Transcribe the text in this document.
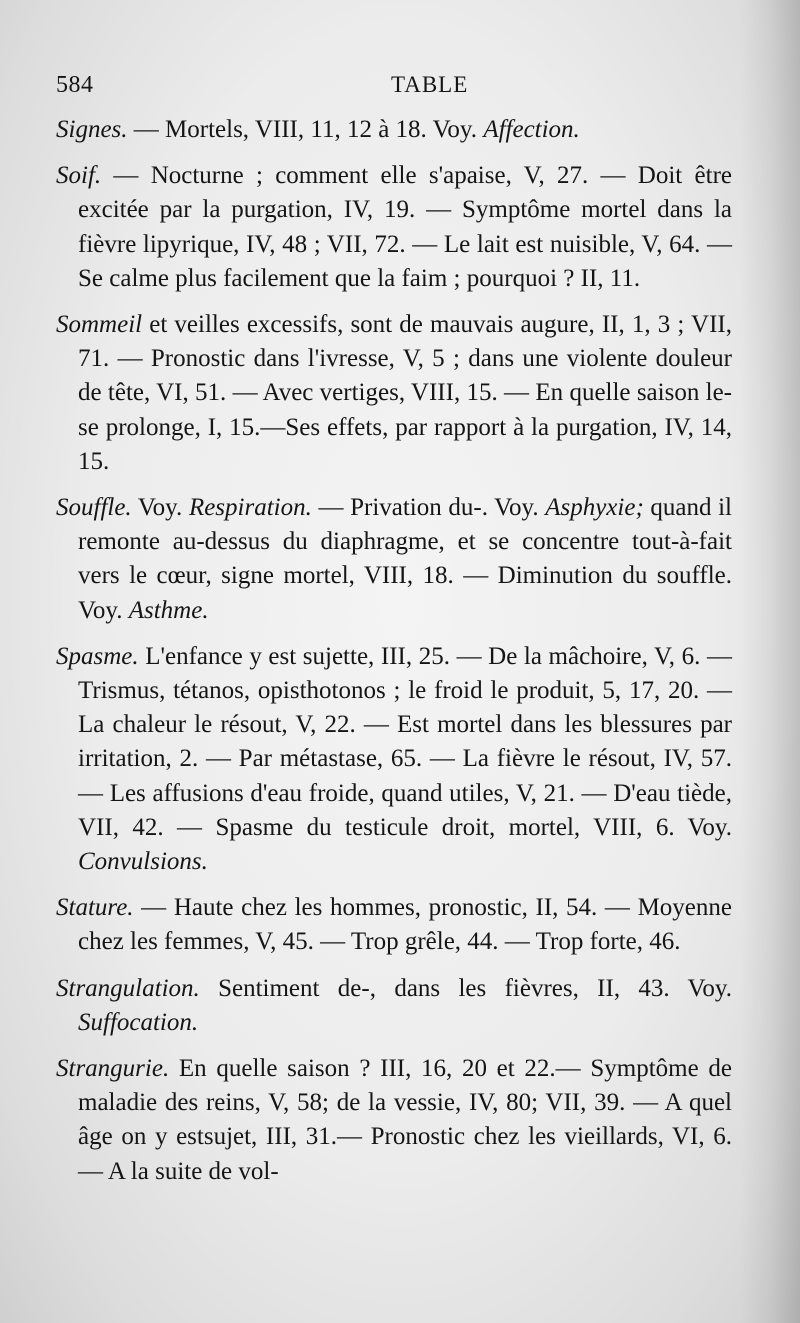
584	TABLE

Signes. — Mortels, VIII, 11, 12 à 18. Voy. Affection.

Soif. — Nocturne ; comment elle s'apaise, V, 27. — Doit être excitée par la purgation, IV, 19. — Symptôme mortel dans la fièvre lipyrique, IV, 48 ; VII, 72. — Le lait est nuisible, V, 64. — Se calme plus facilement que la faim ; pourquoi ? II, 11.

Sommeil et veilles excessifs, sont de mauvais augure, II, 1, 3 ; VII, 71. — Pronostic dans l'ivresse, V, 5 ; dans une violente douleur de tête, VI, 51. — Avec vertiges, VIII, 15. — En quelle saison le- se prolonge, I, 15.—Ses effets, par rapport à la purgation, IV, 14, 15.

Souffle. Voy. Respiration. — Privation du-. Voy. Asphyxie; quand il remonte au-dessus du diaphragme, et se concentre tout-à-fait vers le cœur, signe mortel, VIII, 18. — Diminution du souffle. Voy. Asthme.

Spasme. L'enfance y est sujette, III, 25. — De la mâchoire, V, 6. — Trismus, tétanos, opisthotonos ; le froid le produit, 5, 17, 20. — La chaleur le résout, V, 22. — Est mortel dans les blessures par irritation, 2. — Par métastase, 65. — La fièvre le résout, IV, 57.— Les affusions d'eau froide, quand utiles, V, 21. — D'eau tiède, VII, 42. — Spasme du testicule droit, mortel, VIII, 6. Voy. Convulsions.

Stature. — Haute chez les hommes, pronostic, II, 54. — Moyenne chez les femmes, V, 45. — Trop grêle, 44. — Trop forte, 46.

Strangulation. Sentiment de-, dans les fièvres, II, 43. Voy. Suffocation.

Strangurie. En quelle saison ? III, 16, 20 et 22.— Symptôme de maladie des reins, V, 58; de la vessie, IV, 80; VII, 39. — A quel âge on y estsujet, III, 31.— Pronostic chez les vieillards, VI, 6. — A la suite de vol-
